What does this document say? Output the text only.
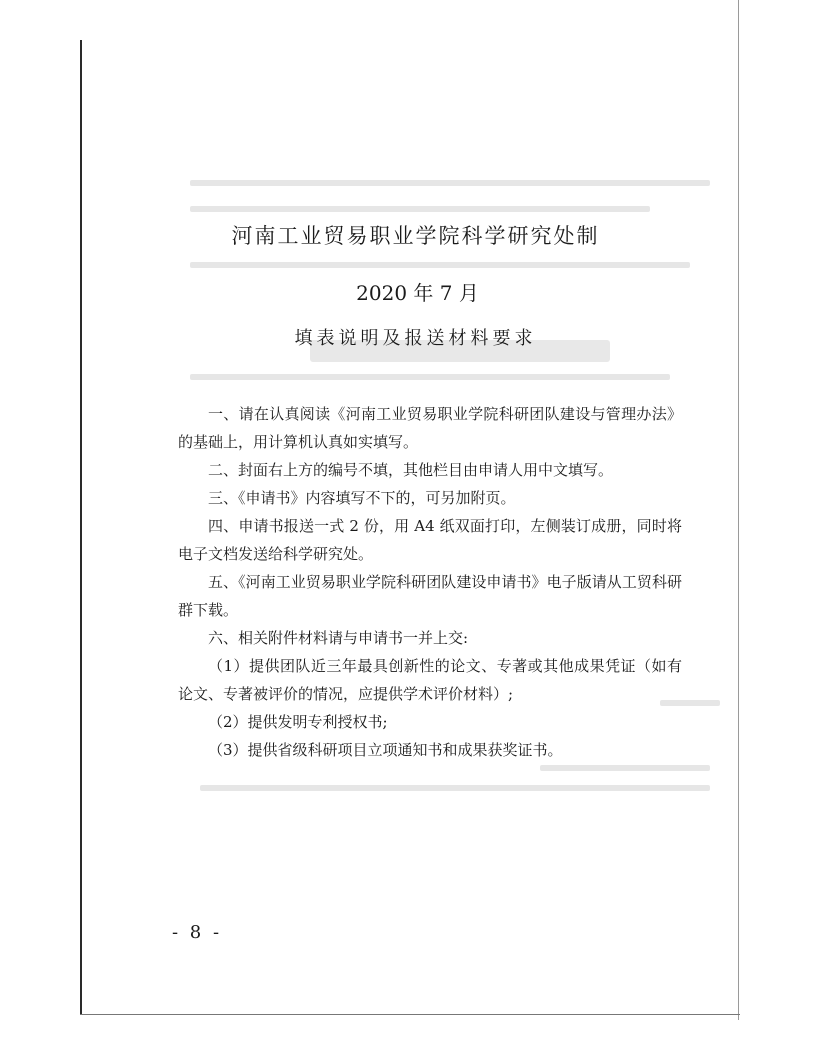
河南工业贸易职业学院科学研究处制
2020 年 7 月
填表说明及报送材料要求

一、请在认真阅读《河南工业贸易职业学院科研团队建设与管理办法》的基础上，用计算机认真如实填写。

二、封面右上方的编号不填，其他栏目由申请人用中文填写。

三、《申请书》内容填写不下的，可另加附页。

四、申请书报送一式 2 份，用 A4 纸双面打印，左侧装订成册，同时将电子文档发送给科学研究处。

五、《河南工业贸易职业学院科研团队建设申请书》电子版请从工贸科研群下载。

六、相关附件材料请与申请书一并上交:

（1）提供团队近三年最具创新性的论文、专著或其他成果凭证（如有论文、专著被评价的情况，应提供学术评价材料）;

（2）提供发明专利授权书;

（3）提供省级科研项目立项通知书和成果获奖证书。

- 8 -
